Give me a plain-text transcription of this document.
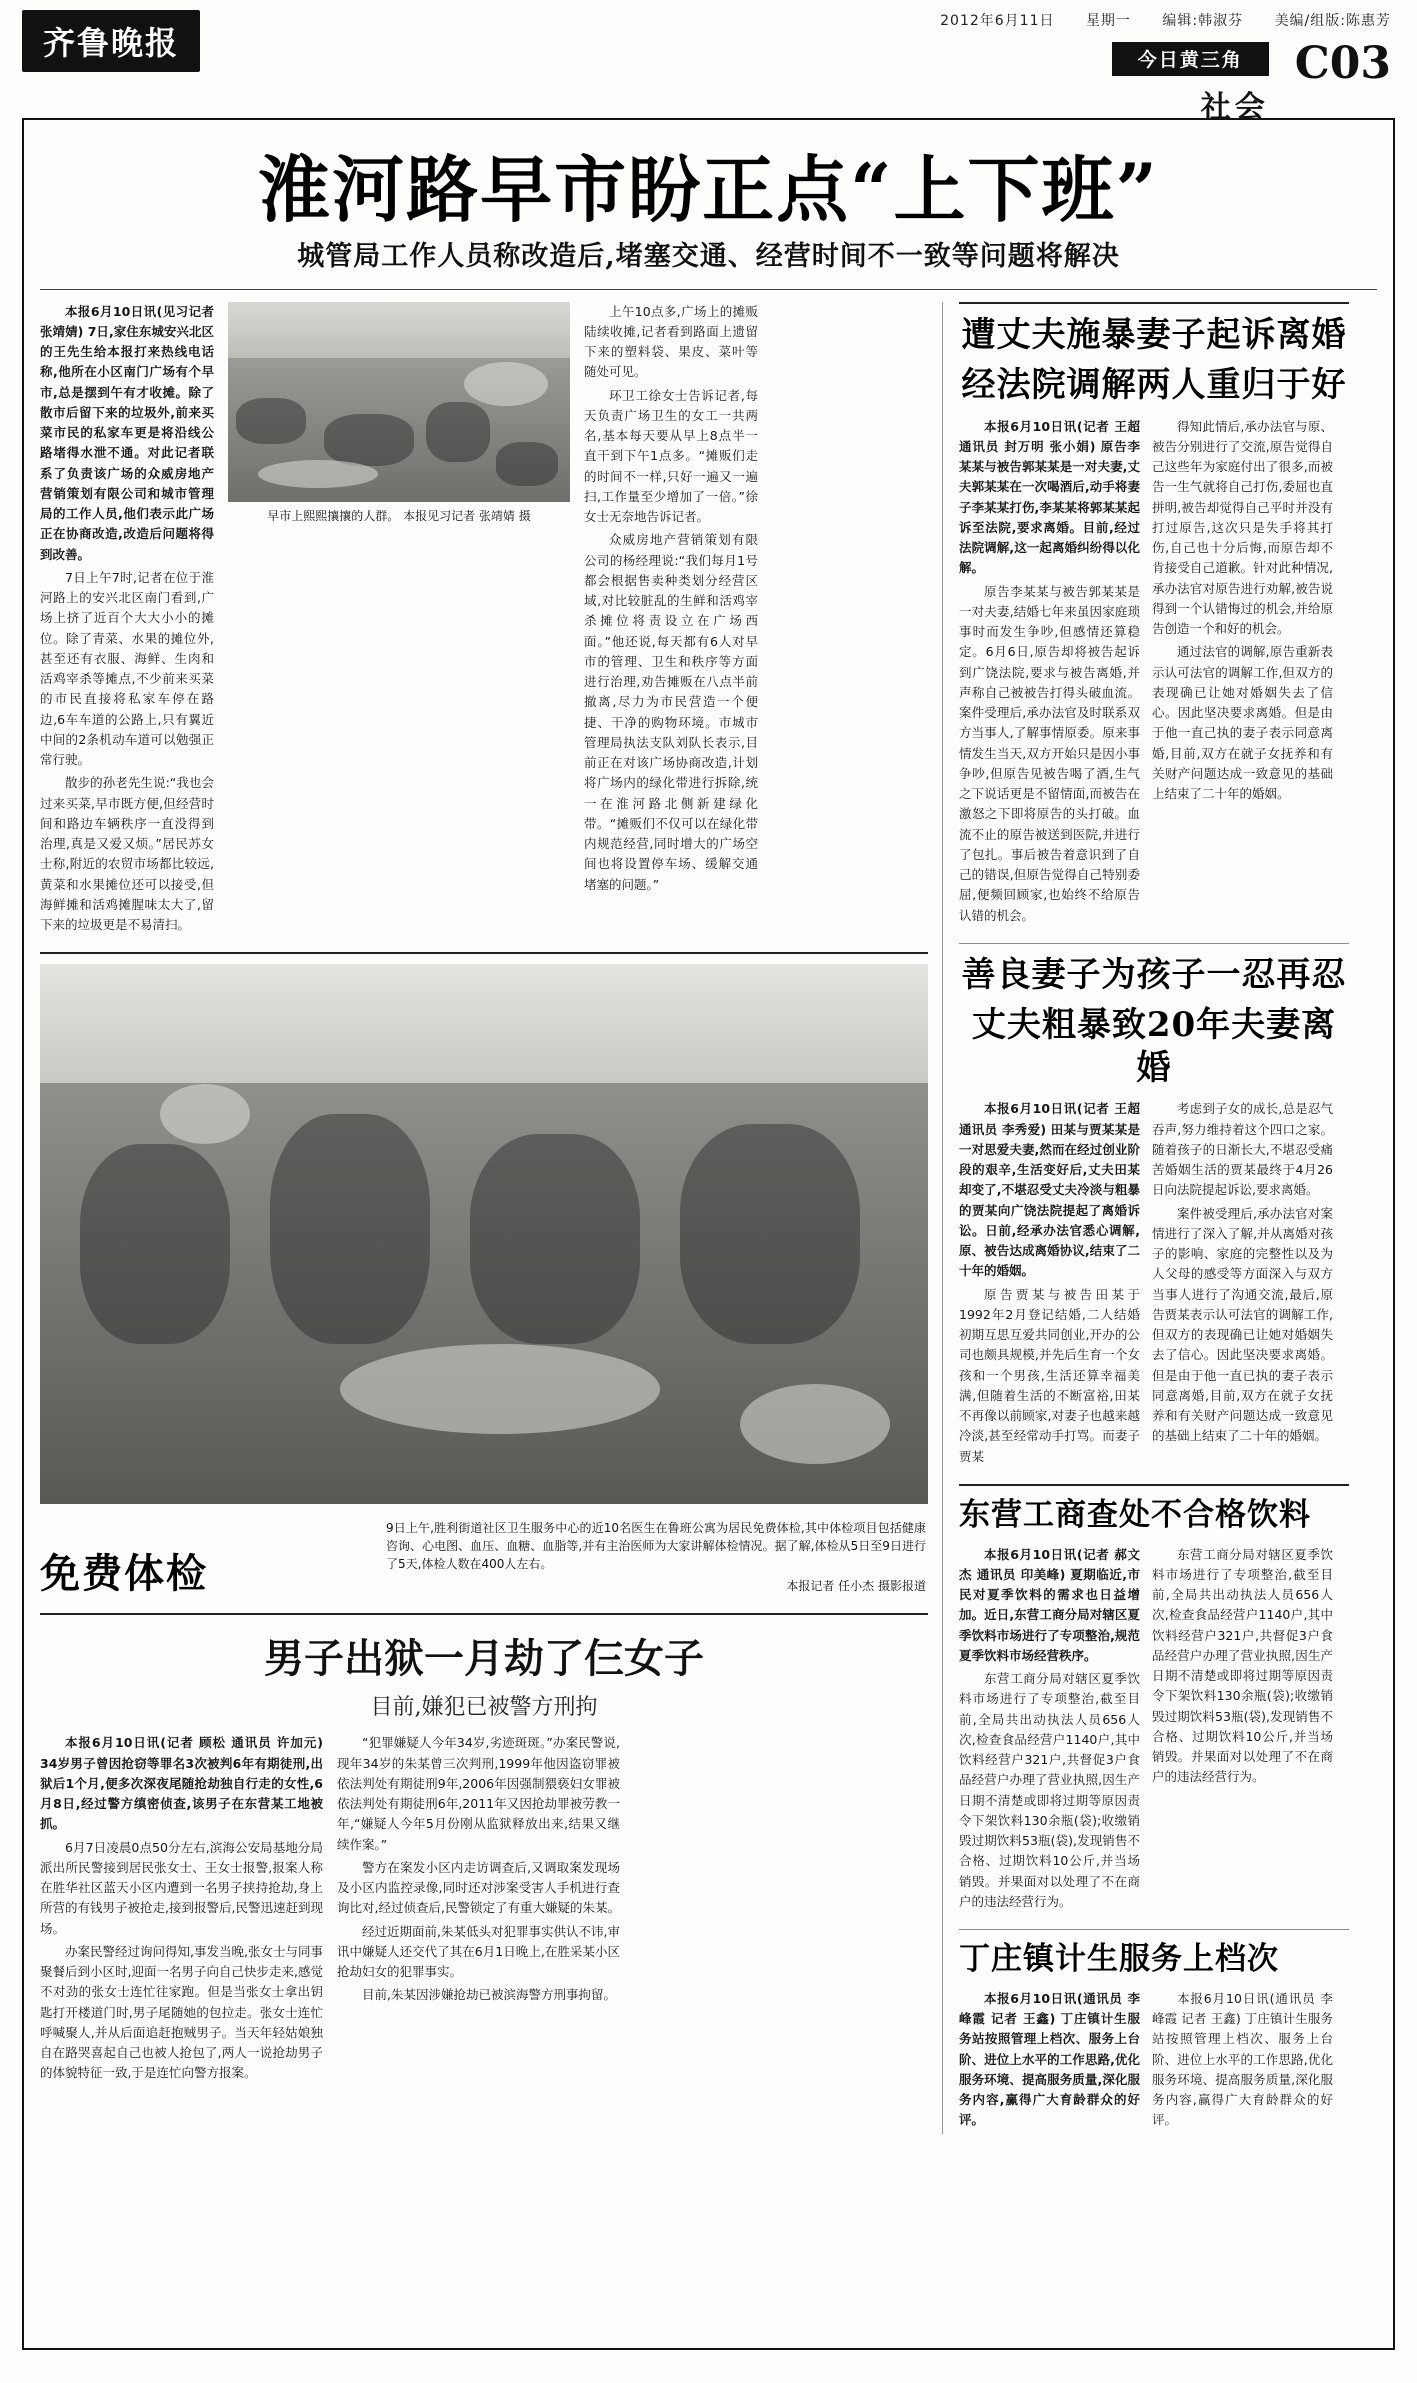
齐鲁晚报
2012年6月11日 星期一 编辑:韩淑芬 美编/组版:陈惠芳
今日黄三角
社会
C03
淮河路早市盼正点“上下班”
城管局工作人员称改造后,堵塞交通、经营时间不一致等问题将解决

本报6月10日讯(见习记者 张靖婧) 7日,家住东城安兴北区的王先生给本报打来热线电话称,他所在小区南门广场有个早市,总是摆到午有才收摊。除了散市后留下来的垃圾外,前来买菜市民的私家车更是将沿线公路堵得水泄不通。对此记者联系了负责该广场的众威房地产营销策划有限公司和城市管理局的工作人员,他们表示此广场正在协商改造,改造后问题将得到改善。

7日上午7时,记者在位于淮河路上的安兴北区南门看到,广场上挤了近百个大大小小的摊位。除了青菜、水果的摊位外,甚至还有衣服、海鲜、生肉和活鸡宰杀等摊点,不少前来买菜的市民直接将私家车停在路边,6车车道的公路上,只有翼近中间的2条机动车道可以勉强正常行驶。

散步的孙老先生说:“我也会过来买菜,早市既方便,但经营时间和路边车辆秩序一直没得到治理,真是又爱又烦。”居民苏女士称,附近的农贸市场都比较远,黄菜和水果摊位还可以接受,但海鲜摊和活鸡摊腥味太大了,留下来的垃圾更是不易清扫。

早市上熙熙攘攘的人群。 本报见习记者 张靖婧 摄

上午10点多,广场上的摊贩陆续收摊,记者看到路面上遗留下来的塑料袋、果皮、菜叶等随处可见。

环卫工徐女士告诉记者,每天负责广场卫生的女工一共两名,基本每天要从早上8点半一直干到下午1点多。“摊贩们走的时间不一样,只好一遍又一遍扫,工作量至少增加了一倍。”徐女士无奈地告诉记者。

众威房地产营销策划有限公司的杨经理说:“我们每月1号都会根据售卖种类划分经营区域,对比较脏乱的生鲜和活鸡宰杀摊位将责设立在广场西面。”他还说,每天都有6人对早市的管理、卫生和秩序等方面进行治理,劝告摊贩在八点半前撤离,尽力为市民营造一个便捷、干净的购物环境。市城市管理局执法支队刘队长表示,目前正在对该广场协商改造,计划将广场内的绿化带进行拆除,统一在淮河路北侧新建绿化带。“摊贩们不仅可以在绿化带内规范经营,同时增大的广场空间也将设置停车场、缓解交通堵塞的问题。”

免费体检
9日上午,胜利街道社区卫生服务中心的近10名医生在鲁班公寓为居民免费体检,其中体检项目包括健康咨询、心电图、血压、血糖、血脂等,并有主治医师为大家讲解体检情况。据了解,体检从5日至9日进行了5天,体检人数在400人左右。
本报记者 任小杰 摄影报道
男子出狱一月劫了仨女子
目前,嫌犯已被警方刑拘

本报6月10日讯(记者 顾松 通讯员 许加元) 34岁男子曾因抢窃等罪名3次被判6年有期徒刑,出狱后1个月,便多次深夜尾随抢劫独自行走的女性,6月8日,经过警方缜密侦查,该男子在东营某工地被抓。

6月7日凌晨0点50分左右,滨海公安局基地分局派出所民警接到居民张女士、王女士报警,报案人称在胜华社区蓝天小区内遭到一名男子挟持抢劫,身上所营的有钱男子被抢走,接到报警后,民警迅速赶到现场。

办案民警经过询问得知,事发当晚,张女士与同事聚餐后到小区时,迎面一名男子向自己快步走来,感觉不对劲的张女士连忙往家跑。但是当张女士拿出钥匙打开楼道门时,男子尾随她的包拉走。张女士连忙呼喊聚人,并从后面追赶抱贼男子。当天年轻姑娘独自在路哭喜起自己也被人抢包了,两人一说抢劫男子的体貌特征一致,于是连忙向警方报案。

“犯罪嫌疑人今年34岁,劣迹斑斑。”办案民警说,现年34岁的朱某曾三次判刑,1999年他因盗窃罪被依法判处有期徒刑9年,2006年因强制猥亵妇女罪被依法判处有期徒刑6年,2011年又因抢劫罪被劳教一年,“嫌疑人今年5月份刚从监狱释放出来,结果又继续作案。”

警方在案发小区内走访调查后,又调取案发现场及小区内监控录像,同时还对涉案受害人手机进行查询比对,经过侦查后,民警锁定了有重大嫌疑的朱某。

经过近期面前,朱某低头对犯罪事实供认不讳,审讯中嫌疑人还交代了其在6月1日晚上,在胜采某小区抢劫妇女的犯罪事实。

目前,朱某因涉嫌抢劫已被滨海警方刑事拘留。

遭丈夫施暴妻子起诉离婚
经法院调解两人重归于好

本报6月10日讯(记者 王超 通讯员 封万明 张小娟) 原告李某某与被告郭某某是一对夫妻,丈夫郭某某在一次喝酒后,动手将妻子李某某打伤,李某某将郭某某起诉至法院,要求离婚。目前,经过法院调解,这一起离婚纠纷得以化解。

原告李某某与被告郭某某是一对夫妻,结婚七年来虽因家庭琐事时而发生争吵,但感情还算稳定。6月6日,原告却将被告起诉到广饶法院,要求与被告离婚,并声称自己被被告打得头破血流。案件受理后,承办法官及时联系双方当事人,了解事情原委。原来事情发生当天,双方开始只是因小事争吵,但原告见被告喝了酒,生气之下说话更是不留情面,而被告在激怒之下即将原告的头打破。血流不止的原告被送到医院,并进行了包扎。事后被告着意识到了自己的错误,但原告觉得自己特别委屈,便频回顾家,也始终不给原告认错的机会。

得知此情后,承办法官与原、被告分别进行了交流,原告觉得自己这些年为家庭付出了很多,而被告一生气就将自己打伤,委屈也直拼明,被告却觉得自己平时并没有打过原告,这次只是失手将其打伤,自己也十分后悔,而原告却不肯接受自己道歉。针对此种情况,承办法官对原告进行劝解,被告说得到一个认错悔过的机会,并给原告创造一个和好的机会。

通过法官的调解,原告重新表示认可法官的调解工作,但双方的表现确已让她对婚姻失去了信心。因此坚决要求离婚。但是由于他一直己执的妻子表示同意离婚,目前,双方在就子女抚养和有关财产问题达成一致意见的基础上结束了二十年的婚姻。

善良妻子为孩子一忍再忍
丈夫粗暴致20年夫妻离婚

本报6月10日讯(记者 王超 通讯员 李秀爱) 田某与贾某某是一对思爱夫妻,然而在经过创业阶段的艰辛,生活变好后,丈夫田某却变了,不堪忍受丈夫冷淡与粗暴的贾某向广饶法院提起了离婚诉讼。日前,经承办法官悉心调解,原、被告达成离婚协议,结束了二十年的婚姻。

原告贾某与被告田某于1992年2月登记结婚,二人结婚初期互思互爱共同创业,开办的公司也颇具规模,并先后生育一个女孩和一个男孩,生活还算幸福美满,但随着生活的不断富裕,田某不再像以前顾家,对妻子也越来越冷淡,甚至经常动手打骂。而妻子贾某

考虑到子女的成长,总是忍气吞声,努力维持着这个四口之家。随着孩子的日渐长大,不堪忍受痛苦婚姻生活的贾某最终于4月26日向法院提起诉讼,要求离婚。

案件被受理后,承办法官对案情进行了深入了解,并从离婚对孩子的影响、家庭的完整性以及为人父母的感受等方面深入与双方当事人进行了沟通交流,最后,原告贾某表示认可法官的调解工作,但双方的表现确已让她对婚姻失去了信心。因此坚决要求离婚。但是由于他一直已执的妻子表示同意离婚,目前,双方在就子女抚养和有关财产问题达成一致意见的基础上结束了二十年的婚姻。

东营工商查处不合格饮料

本报6月10日讯(记者 郝文杰 通讯员 印美峰) 夏期临近,市民对夏季饮料的需求也日益增加。近日,东营工商分局对辖区夏季饮料市场进行了专项整治,规范夏季饮料市场经营秩序。

东营工商分局对辖区夏季饮料市场进行了专项整治,截至目前,全局共出动执法人员656人次,检查食品经营户1140户,其中饮料经营户321户,共督促3户食品经营户办理了营业执照,因生产日期不清楚或即将过期等原因责令下架饮料130余瓶(袋);收缴销毁过期饮料53瓶(袋),发现销售不合格、过期饮料10公斤,并当场销毁。并果面对以处理了不在商户的违法经营行为。

东营工商分局对辖区夏季饮料市场进行了专项整治,截至目前,全局共出动执法人员656人次,检查食品经营户1140户,其中饮料经营户321户,共督促3户食品经营户办理了营业执照,因生产日期不清楚或即将过期等原因责令下架饮料130余瓶(袋);收缴销毁过期饮料53瓶(袋),发现销售不合格、过期饮料10公斤,并当场销毁。并果面对以处理了不在商户的违法经营行为。

丁庄镇计生服务上档次

本报6月10日讯(通讯员 李峰霞 记者 王鑫) 丁庄镇计生服务站按照管理上档次、服务上台阶、进位上水平的工作思路,优化服务环境、提高服务质量,深化服务内容,赢得广大育龄群众的好评。

本报6月10日讯(通讯员 李峰霞 记者 王鑫) 丁庄镇计生服务站按照管理上档次、服务上台阶、进位上水平的工作思路,优化服务环境、提高服务质量,深化服务内容,赢得广大育龄群众的好评。
